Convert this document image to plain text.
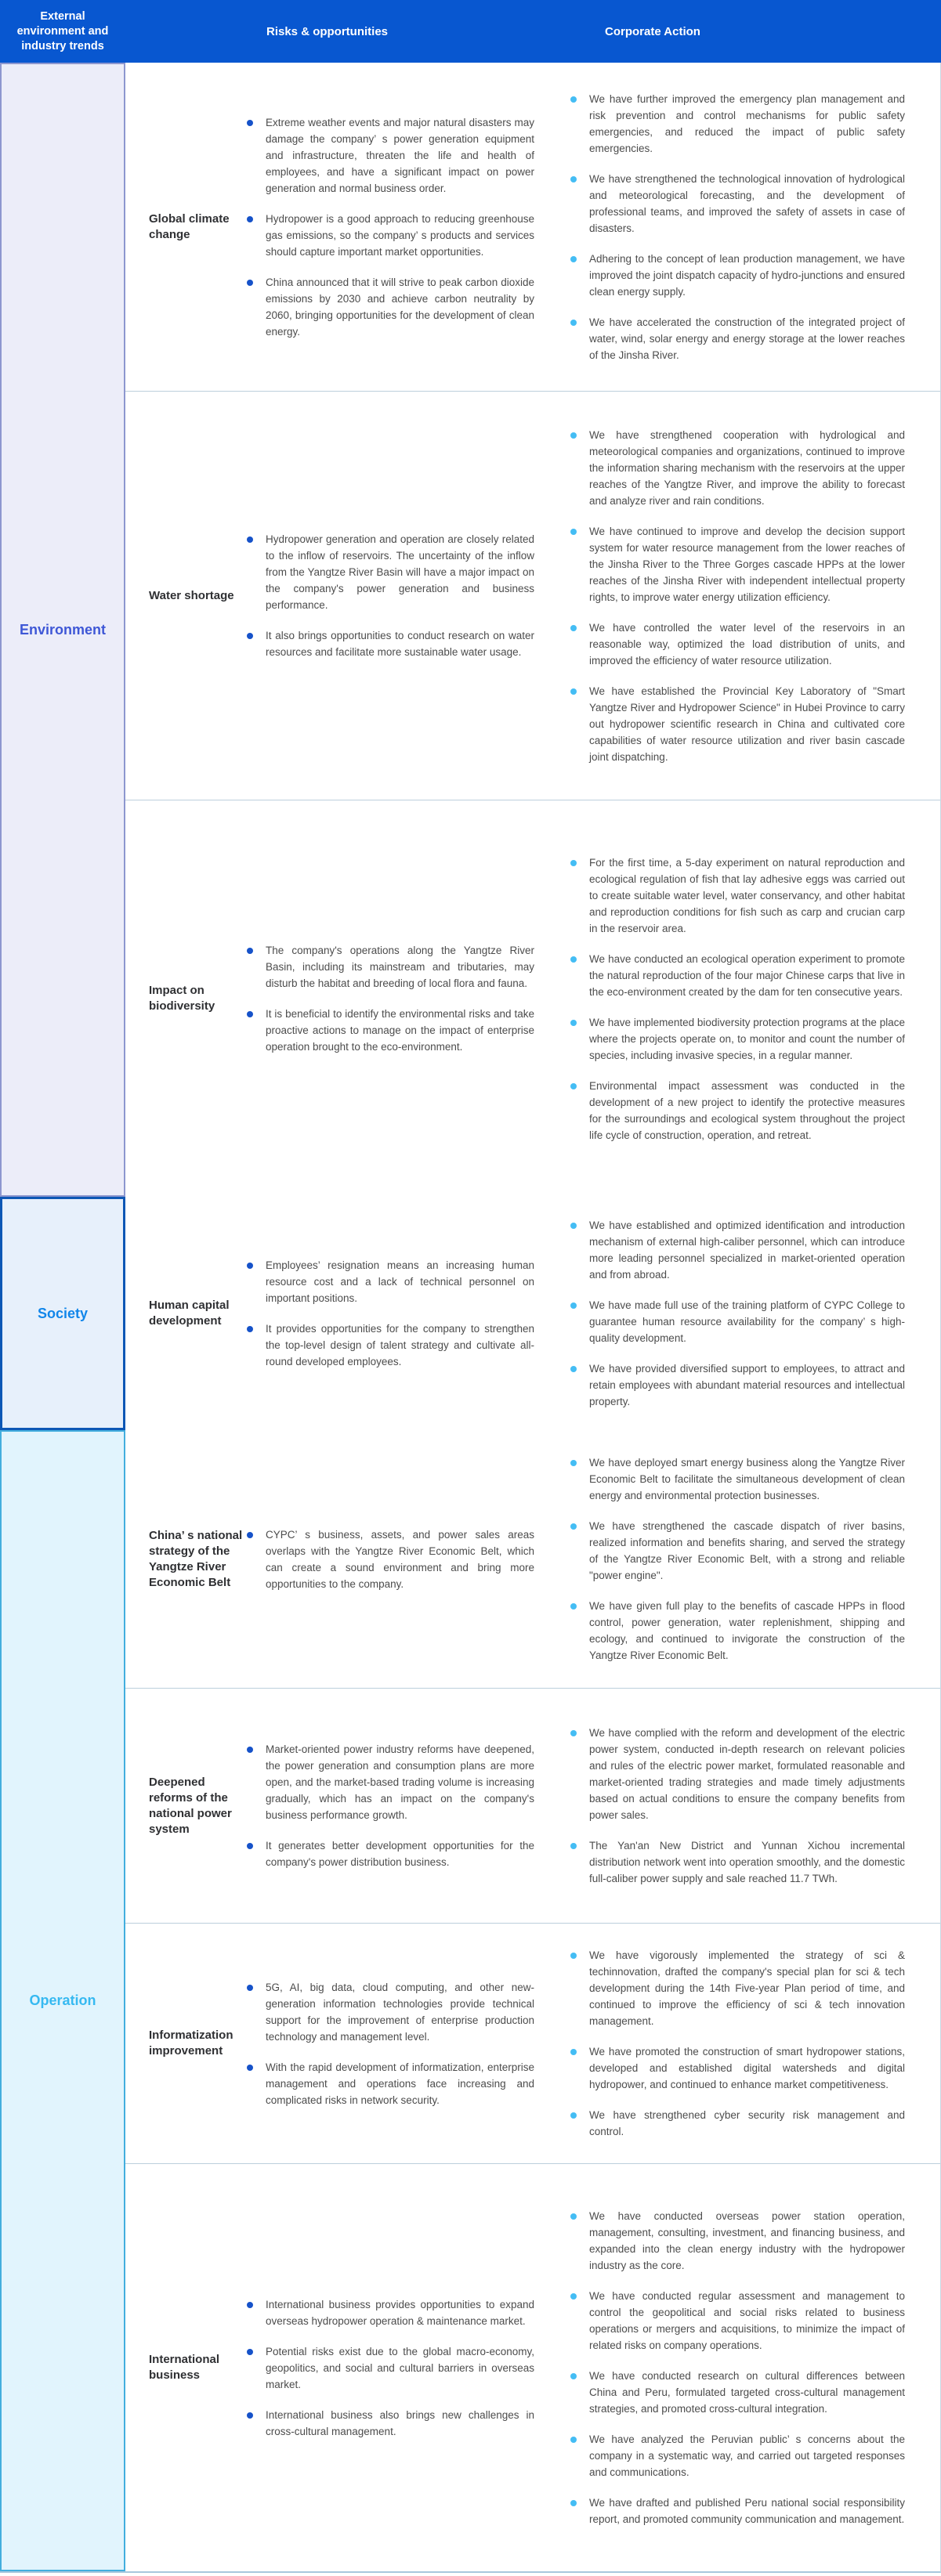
External environment and industry trends
Risks & opportunities	Corporate Action
Environment
Global climate change
Extreme weather events and major natural disasters may damage the company’ s power generation equipment and infrastructure, threaten the life and health of employees, and have a significant impact on power generation and normal business order.
Hydropower is a good approach to reducing greenhouse gas emissions, so the company’ s products and services should capture important market opportunities.
China announced that it will strive to peak carbon dioxide emissions by 2030 and achieve carbon neutrality by 2060, bringing opportunities for the development of clean energy.
We have further improved the emergency plan management and risk prevention and control mechanisms for public safety emergencies, and reduced the impact of public safety emergencies.
We have strengthened the technological innovation of hydrological and meteorological forecasting, and the development of professional teams, and improved the safety of assets in case of disasters.
Adhering to the concept of lean production management, we have improved the joint dispatch capacity of hydro-junctions and ensured clean energy supply.
We have accelerated the construction of the integrated project of water, wind, solar energy and energy storage at the lower reaches of the Jinsha River.
Water shortage
Hydropower generation and operation are closely related to the inflow of reservoirs. The uncertainty of the inflow from the Yangtze River Basin will have a major impact on the company's power generation and business performance.
It also brings opportunities to conduct research on water resources and facilitate more sustainable water usage.
We have strengthened cooperation with hydrological and meteorological companies and organizations, continued to improve the information sharing mechanism with the reservoirs at the upper reaches of the Yangtze River, and improve the ability to forecast and analyze river and rain conditions.
We have continued to improve and develop the decision support system for water resource management from the lower reaches of the Jinsha River to the Three Gorges cascade HPPs at the lower reaches of the Jinsha River with independent intellectual property rights, to improve water energy utilization efficiency.
We have controlled the water level of the reservoirs in an reasonable way, optimized the load distribution of units, and improved the efficiency of water resource utilization.
We have established the Provincial Key Laboratory of "Smart Yangtze River and Hydropower Science" in Hubei Province to carry out hydropower scientific research in China and cultivated core capabilities of water resource utilization and river basin cascade joint dispatching.
Impact on biodiversity
The company's operations along the Yangtze River Basin, including its mainstream and tributaries, may disturb the habitat and breeding of local flora and fauna.
It is beneficial to identify the environmental risks and take proactive actions to manage on the impact of enterprise operation brought to the eco-environment.
For the first time, a 5-day experiment on natural reproduction and ecological regulation of fish that lay adhesive eggs was carried out to create suitable water level, water conservancy, and other habitat and reproduction conditions for fish such as carp and crucian carp in the reservoir area.
We have conducted an ecological operation experiment to promote the natural reproduction of the four major Chinese carps that live in the eco-environment created by the dam for ten consecutive years.
We have implemented biodiversity protection programs at the place where the projects operate on, to monitor and count the number of species, including invasive species, in a regular manner.
Environmental impact assessment was conducted in the development of a new project to identify the protective measures for the surroundings and ecological system throughout the project life cycle of construction, operation, and retreat.
Society	Human capital development
Employees’ resignation means an increasing human resource cost and a lack of technical personnel on important positions.
It provides opportunities for the company to strengthen the top-level design of talent strategy and cultivate all-round developed employees.
We have established and optimized identification and introduction mechanism of external high-caliber personnel, which can introduce more leading personnel specialized in market-oriented operation and from abroad.
We have made full use of the training platform of CYPC College to guarantee human resource availability for the company’ s high-quality development.
We have provided diversified support to employees, to attract and retain employees with abundant material resources and intellectual property.
Operation
China’ s national strategy of the Yangtze River Economic Belt
CYPC’ s business, assets, and power sales areas overlaps with the Yangtze River Economic Belt, which can create a sound environment and bring more opportunities to the company.
We have deployed smart energy business along the Yangtze River Economic Belt to facilitate the simultaneous development of clean energy and environmental protection businesses.
We have strengthened the cascade dispatch of river basins, realized information and benefits sharing, and served the strategy of the Yangtze River Economic Belt, with a strong and reliable "power engine".
We have given full play to the benefits of cascade HPPs in flood control, power generation, water replenishment, shipping and ecology, and continued to invigorate the construction of the Yangtze River Economic Belt.
Deepened reforms of the national power system
Market-oriented power industry reforms have deepened, the power generation and consumption plans are more open, and the market-based trading volume is increasing gradually, which has an impact on the company's business performance growth.
It generates better development opportunities for the company's power distribution business.
We have complied with the reform and development of the electric power system, conducted in-depth research on relevant policies and rules of the electric power market, formulated reasonable and market-oriented trading strategies and made timely adjustments based on actual conditions to ensure the company benefits from power sales.
The Yan'an New District and Yunnan Xichou incremental distribution network went into operation smoothly, and the domestic full-caliber power supply and sale reached 11.7 TWh.
Informatization improvement
5G, AI, big data, cloud computing, and other new-generation information technologies provide technical support for the improvement of enterprise production technology and management level.
With the rapid development of informatization, enterprise management and operations face increasing and complicated risks in network security.
We have vigorously implemented the strategy of sci & techinnovation, drafted the company's special plan for sci & tech development during the 14th Five-year Plan period of time, and continued to improve the efficiency of sci & tech innovation management.
We have promoted the construction of smart hydropower stations, developed and established digital watersheds and digital hydropower, and continued to enhance market competitiveness.
We have strengthened cyber security risk management and control.
International business
International business provides opportunities to expand overseas hydropower operation & maintenance market.
Potential risks exist due to the global macro-economy, geopolitics, and social and cultural barriers in overseas market.
International business also brings new challenges in cross-cultural management.
We have conducted overseas power station operation, management, consulting, investment, and financing business, and expanded into the clean energy industry with the hydropower industry as the core.
We have conducted regular assessment and management to control the geopolitical and social risks related to business operations or mergers and acquisitions, to minimize the impact of related risks on company operations.
We have conducted research on cultural differences between China and Peru, formulated targeted cross-cultural management strategies, and promoted cross-cultural integration.
We have analyzed the Peruvian public’ s concerns about the company in a systematic way, and carried out targeted responses and communications.
We have drafted and published Peru national social responsibility report, and promoted community communication and management.
